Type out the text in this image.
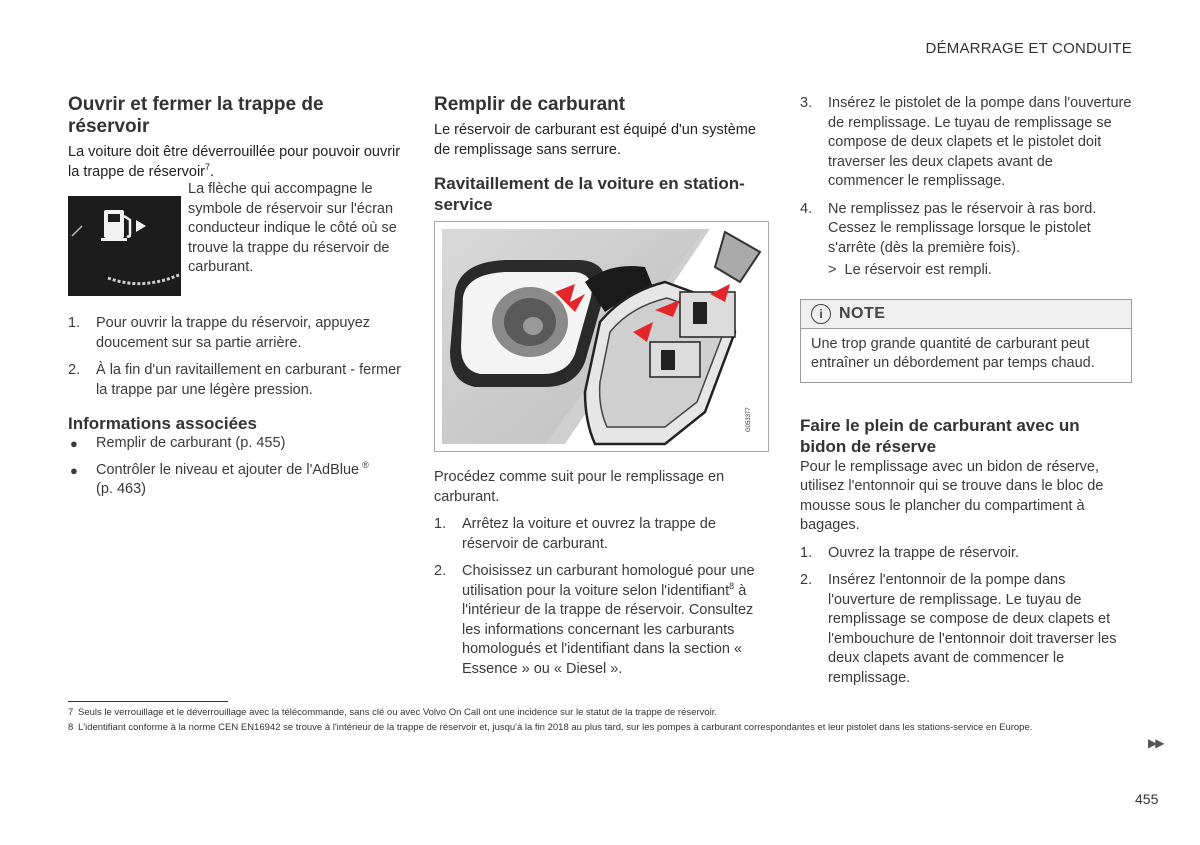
DÉMARRAGE ET CONDUITE
Ouvrir et fermer la trappe de réservoir

La voiture doit être déverrouillée pour pouvoir ouvrir la trappe de réservoir$^7$.

La flèche qui accompagne le symbole de réservoir sur l'écran conducteur indique le côté où se trouve la trappe du réservoir de carburant.

1. Pour ouvrir la trappe du réservoir, appuyez doucement sur sa partie arrière.
2. À la fin d'un ravitaillement en carburant - fermer la trappe par une légère pression.
Informations associées
● Remplir de carburant (p. 455)
● Contrôler le niveau et ajouter de l'AdBlue ®
(p. 463)
Remplir de carburant

Le réservoir de carburant est équipé d'un système de remplissage sans serrure.

Ravitaillement de la voiture en station-service
G053377

Procédez comme suit pour le remplissage en carburant.

1. Arrêtez la voiture et ouvrez la trappe de réservoir de carburant.
2. Choisissez un carburant homologué pour une utilisation pour la voiture selon l'identifiant$^8$ à l'intérieur de la trappe de réservoir. Consultez les informations concernant les carburants homologués et l'identifiant dans la section « Essence » ou « Diesel ».
3. Insérez le pistolet de la pompe dans l'ouverture de remplissage. Le tuyau de remplissage se compose de deux clapets et le pistolet doit traverser les deux clapets avant de commencer le remplissage.
4. Ne remplissez pas le réservoir à ras bord. Cessez le remplissage lorsque le pistolet s'arrête (dès la première fois).

> Le réservoir est rempli.

i	NOTE

Une trop grande quantité de carburant peut entraîner un débordement par temps chaud.

Faire le plein de carburant avec un bidon de réserve

Pour le remplissage avec un bidon de réserve, utilisez l'entonnoir qui se trouve dans le bloc de mousse sous le plancher du compartiment à bagages.

1. Ouvrez la trappe de réservoir.
2. Insérez l'entonnoir de la pompe dans l'ouverture de remplissage. Le tuyau de remplissage se compose de deux clapets et l'embouchure de l'entonnoir doit traverser les deux clapets avant de commencer le remplissage.
7 Seuls le verrouillage et le déverrouillage avec la télécommande, sans clé ou avec Volvo On Call ont une incidence sur le statut de la trappe de réservoir.
8 L'identifiant conforme à la norme CEN EN16942 se trouve à l'intérieur de la trappe de réservoir et, jusqu'à la fin 2018 au plus tard, sur les pompes à carburant correspondantes et leur pistolet dans les stations-service en Europe.
▶▶
455
